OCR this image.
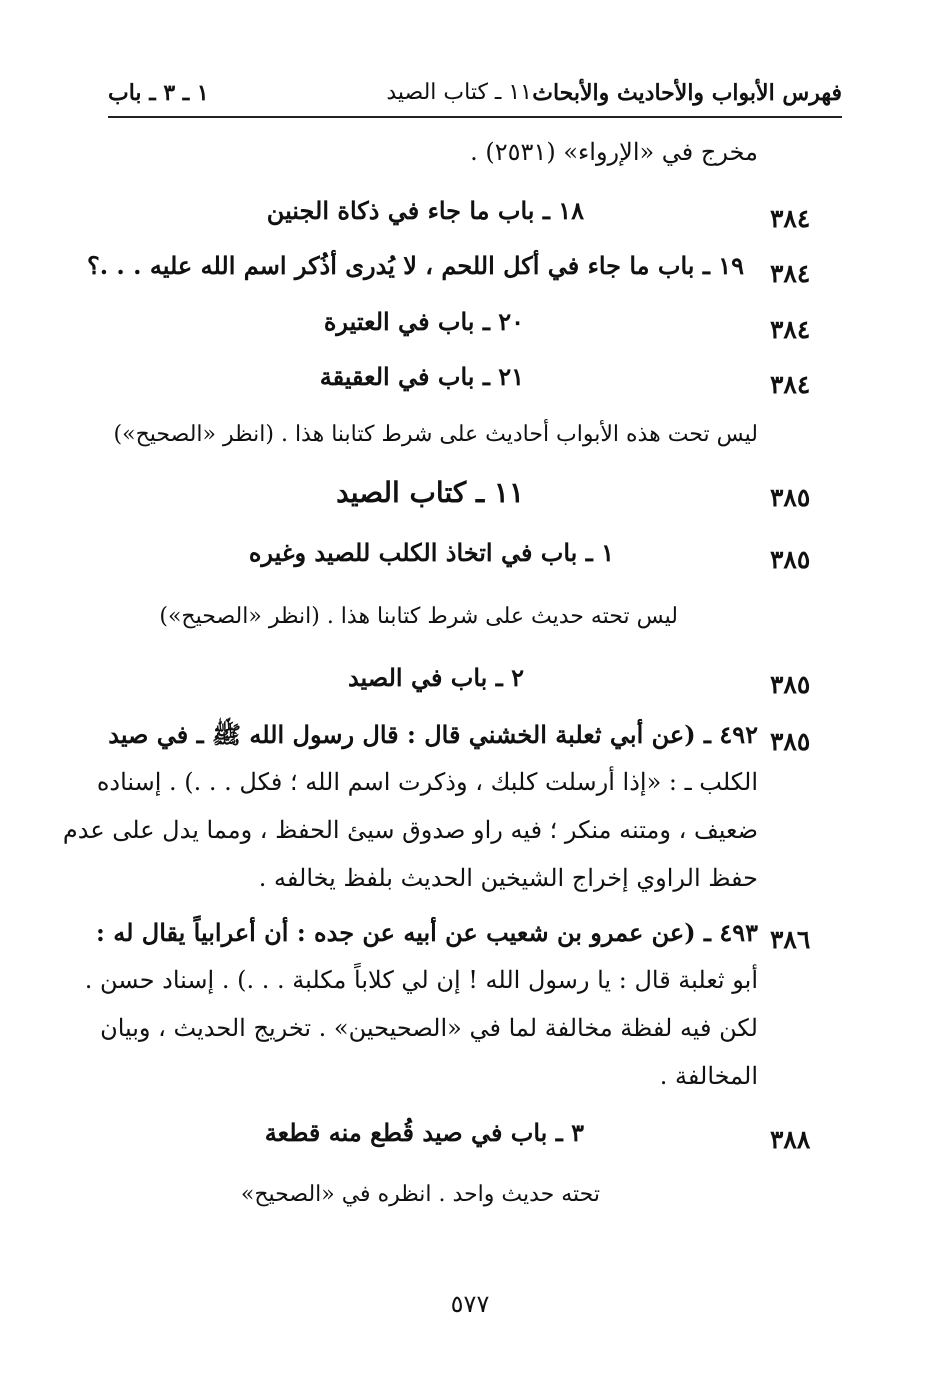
فهرس الأبواب والأحاديث والأبحاث
١١ ـ كتاب الصيد
١ ـ ٣ ـ باب
مخرج في «الإرواء» (٢٥٣١) .
٣٨٤
١٨ ـ باب ما جاء في ذكاة الجنين
٣٨٤
١٩ ـ باب ما جاء في أكل اللحم ، لا يُدرى أذُكر اسم الله عليه . . .؟
٣٨٤
٢٠ ـ باب في العتيرة
٣٨٤
٢١ ـ باب في العقيقة
ليس تحت هذه الأبواب أحاديث على شرط كتابنا هذا . (انظر «الصحيح»)
٣٨٥
١١ ـ كتاب الصيد
٣٨٥
١ ـ باب في اتخاذ الكلب للصيد وغيره
ليس تحته حديث على شرط كتابنا هذا . (انظر «الصحيح»)
٣٨٥
٢ ـ باب في الصيد
٣٨٥
٤٩٢ ـ (عن أبي ثعلبة الخشني قال : قال رسول الله ﷺ ـ في صيد
الكلب ـ : «إذا أرسلت كلبك ، وذكرت اسم الله ؛ فكل . . .) . إسناده
ضعيف ، ومتنه منكر ؛ فيه راو صدوق سيئ الحفظ ، ومما يدل على عدم
حفظ الراوي إخراج الشيخين الحديث بلفظ يخالفه .
٣٨٦
٤٩٣ ـ (عن عمرو بن شعيب عن أبيه عن جده : أن أعرابياً يقال له :
أبو ثعلبة قال : يا رسول الله ! إن لي كلاباً مكلبة . . .) . إسناد حسن .
لكن فيه لفظة مخالفة لما في «الصحيحين» . تخريج الحديث ، وبيان
المخالفة .
٣٨٨
٣ ـ باب في صيد قُطع منه قطعة
تحته حديث واحد . انظره في «الصحيح»
٥٧٧
